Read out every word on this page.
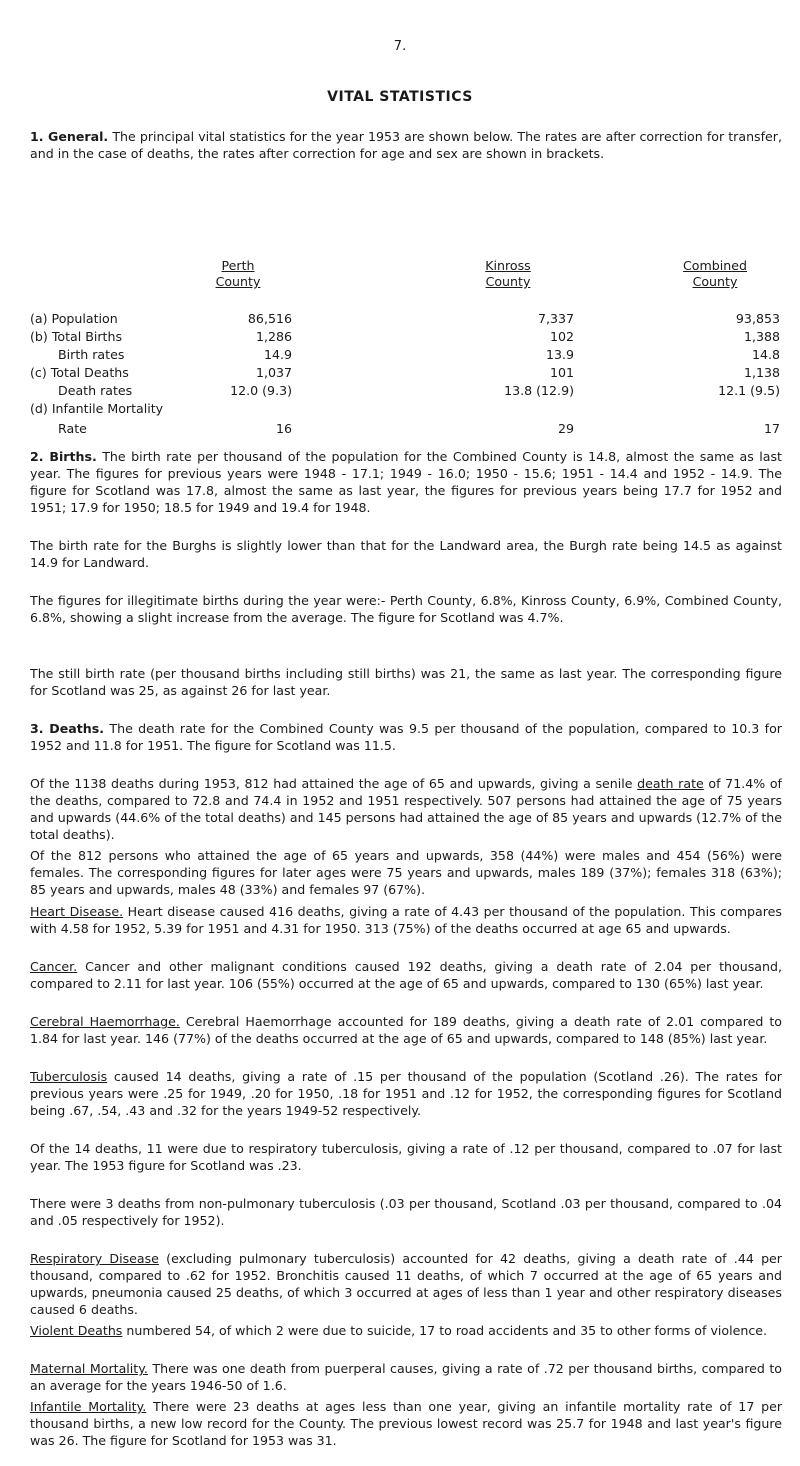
7.
VITAL STATISTICS

1. General. The principal vital statistics for the year 1953 are shown below. The rates are after correction for transfer, and in the case of deaths, the rates after correction for age and sex are shown in brackets.

Perth
County
Kinross
County
Combined
County
(a) Population	86,516	7,337	93,853
(b) Total Births	1,286	102	1,388
Birth rates	14.9	13.9	14.8
(c) Total Deaths	1,037	101	1,138
Death rates	12.0 (9.3)	13.8 (12.9)	12.1 (9.5)
(d) Infantile Mortality
Rate	16	29	17

2. Births. The birth rate per thousand of the population for the Combined County is 14.8, almost the same as last year. The figures for previous years were 1948 - 17.1; 1949 - 16.0; 1950 - 15.6; 1951 - 14.4 and 1952 - 14.9. The figure for Scotland was 17.8, almost the same as last year, the figures for previous years being 17.7 for 1952 and 1951; 17.9 for 1950; 18.5 for 1949 and 19.4 for 1948.

The birth rate for the Burghs is slightly lower than that for the Landward area, the Burgh rate being 14.5 as against 14.9 for Landward.

The figures for illegitimate births during the year were:- Perth County, 6.8%, Kinross County, 6.9%, Combined County, 6.8%, showing a slight increase from the average. The figure for Scotland was 4.7%.

The still birth rate (per thousand births including still births) was 21, the same as last year. The corresponding figure for Scotland was 25, as against 26 for last year.

3. Deaths. The death rate for the Combined County was 9.5 per thousand of the population, compared to 10.3 for 1952 and 11.8 for 1951. The figure for Scotland was 11.5.

Of the 1138 deaths during 1953, 812 had attained the age of 65 and upwards, giving a senile death rate of 71.4% of the deaths, compared to 72.8 and 74.4 in 1952 and 1951 respectively. 507 persons had attained the age of 75 years and upwards (44.6% of the total deaths) and 145 persons had attained the age of 85 years and upwards (12.7% of the total deaths).

Of the 812 persons who attained the age of 65 years and upwards, 358 (44%) were males and 454 (56%) were females. The corresponding figures for later ages were 75 years and upwards, males 189 (37%); females 318 (63%); 85 years and upwards, males 48 (33%) and females 97 (67%).

Heart Disease. Heart disease caused 416 deaths, giving a rate of 4.43 per thousand of the population. This compares with 4.58 for 1952, 5.39 for 1951 and 4.31 for 1950. 313 (75%) of the deaths occurred at age 65 and upwards.

Cancer. Cancer and other malignant conditions caused 192 deaths, giving a death rate of 2.04 per thousand, compared to 2.11 for last year. 106 (55%) occurred at the age of 65 and upwards, compared to 130 (65%) last year.

Cerebral Haemorrhage. Cerebral Haemorrhage accounted for 189 deaths, giving a death rate of 2.01 compared to 1.84 for last year. 146 (77%) of the deaths occurred at the age of 65 and upwards, compared to 148 (85%) last year.

Tuberculosis caused 14 deaths, giving a rate of .15 per thousand of the population (Scotland .26). The rates for previous years were .25 for 1949, .20 for 1950, .18 for 1951 and .12 for 1952, the corresponding figures for Scotland being .67, .54, .43 and .32 for the years 1949-52 respectively.

Of the 14 deaths, 11 were due to respiratory tuberculosis, giving a rate of .12 per thousand, compared to .07 for last year. The 1953 figure for Scotland was .23.

There were 3 deaths from non-pulmonary tuberculosis (.03 per thousand, Scotland .03 per thousand, compared to .04 and .05 respectively for 1952).

Respiratory Disease (excluding pulmonary tuberculosis) accounted for 42 deaths, giving a death rate of .44 per thousand, compared to .62 for 1952. Bronchitis caused 11 deaths, of which 7 occurred at the age of 65 years and upwards, pneumonia caused 25 deaths, of which 3 occurred at ages of less than 1 year and other respiratory diseases caused 6 deaths.

Violent Deaths numbered 54, of which 2 were due to suicide, 17 to road accidents and 35 to other forms of violence.

Maternal Mortality. There was one death from puerperal causes, giving a rate of .72 per thousand births, compared to an average for the years 1946-50 of 1.6.

Infantile Mortality. There were 23 deaths at ages less than one year, giving an infantile mortality rate of 17 per thousand births, a new low record for the County. The previous lowest record was 25.7 for 1948 and last year's figure was 26. The figure for Scotland for 1953 was 31.
